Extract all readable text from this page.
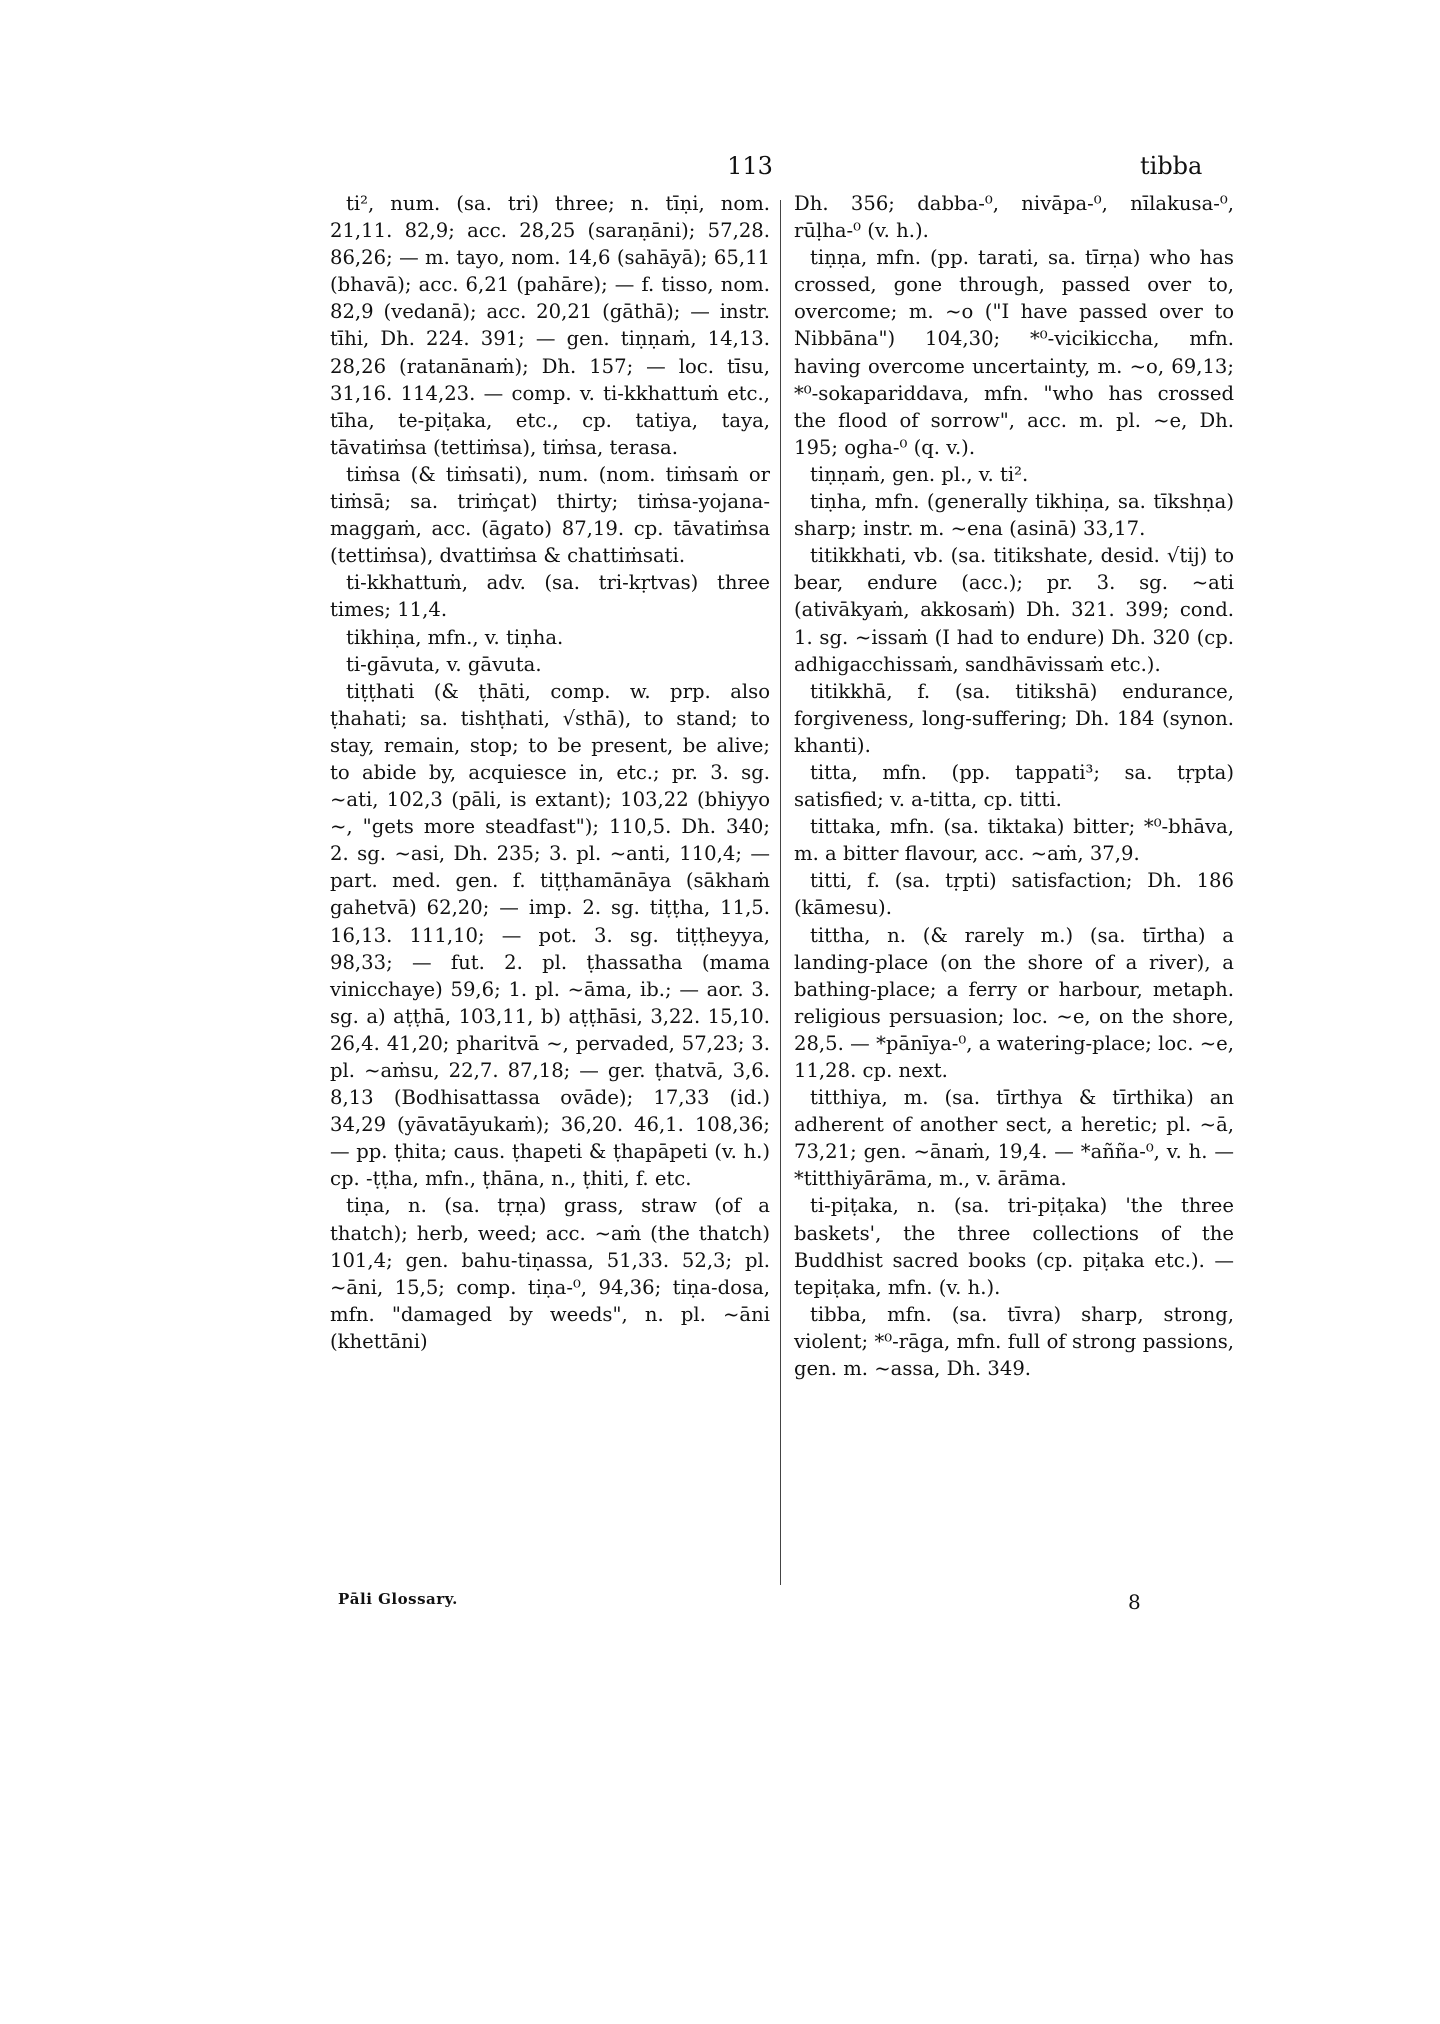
113	tibba

ti², num. (sa. tri) three; n. tīṇi, nom. 21,11. 82,9; acc. 28,25 (saraṇāni); 57,28. 86,26; — m. tayo, nom. 14,6 (sahāyā); 65,11 (bhavā); acc. 6,21 (pahāre); — f. tisso, nom. 82,9 (vedanā); acc. 20,21 (gāthā); — instr. tīhi, Dh. 224. 391; — gen. tiṇṇaṁ, 14,13. 28,26 (ratanānaṁ); Dh. 157; — loc. tīsu, 31,16. 114,23. — comp. v. ti-kkhattuṁ etc., tīha, te-piṭaka, etc., cp. tatiya, taya, tāvatiṁsa (tettiṁsa), tiṁsa, terasa.

tiṁsa (& tiṁsati), num. (nom. tiṁsaṁ or tiṁsā; sa. triṁçat) thirty; tiṁsa-yojana-maggaṁ, acc. (āgato) 87,19. cp. tāvatiṁsa (tettiṁsa), dvattiṁsa & chattiṁsati.

ti-kkhattuṁ, adv. (sa. tri-kṛtvas) three times; 11,4.

tikhiṇa, mfn., v. tiṇha.

ti-gāvuta, v. gāvuta.

tiṭṭhati (& ṭhāti, comp. w. prp. also ṭhahati; sa. tishṭhati, √sthā), to stand; to stay, remain, stop; to be present, be alive; to abide by, acquiesce in, etc.; pr. 3. sg. ~ati, 102,3 (pāli, is extant); 103,22 (bhiyyo ~, "gets more steadfast"); 110,5. Dh. 340; 2. sg. ~asi, Dh. 235; 3. pl. ~anti, 110,4; — part. med. gen. f. tiṭṭhamānāya (sākhaṁ gahetvā) 62,20; — imp. 2. sg. tiṭṭha, 11,5. 16,13. 111,10; — pot. 3. sg. tiṭṭheyya, 98,33; — fut. 2. pl. ṭhassatha (mama vinicchaye) 59,6; 1. pl. ~āma, ib.; — aor. 3. sg. a) aṭṭhā, 103,11, b) aṭṭhāsi, 3,22. 15,10. 26,4. 41,20; pharitvā ~, pervaded, 57,23; 3. pl. ~aṁsu, 22,7. 87,18; — ger. ṭhatvā, 3,6. 8,13 (Bodhisattassa ovāde); 17,33 (id.) 34,29 (yāvatāyukaṁ); 36,20. 46,1. 108,36; — pp. ṭhita; caus. ṭhapeti & ṭhapāpeti (v. h.) cp. -ṭṭha, mfn., ṭhāna, n., ṭhiti, f. etc.

tiṇa, n. (sa. tṛṇa) grass, straw (of a thatch); herb, weed; acc. ~aṁ (the thatch) 101,4; gen. bahu-tiṇassa, 51,33. 52,3; pl. ~āni, 15,5; comp. tiṇa-⁰, 94,36; tiṇa-dosa, mfn. "damaged by weeds", n. pl. ~āni (khettāni)

Dh. 356; dabba-⁰, nivāpa-⁰, nīlakusa-⁰, rūḷha-⁰ (v. h.).

tiṇṇa, mfn. (pp. tarati, sa. tīrṇa) who has crossed, gone through, passed over to, overcome; m. ~o ("I have passed over to Nibbāna") 104,30; *⁰-vicikiccha, mfn. having overcome uncertainty, m. ~o, 69,13; *⁰-sokapariddava, mfn. "who has crossed the flood of sorrow", acc. m. pl. ~e, Dh. 195; ogha-⁰ (q. v.).

tiṇṇaṁ, gen. pl., v. ti².

tiṇha, mfn. (generally tikhiṇa, sa. tīkshṇa) sharp; instr. m. ~ena (asinā) 33,17.

titikkhati, vb. (sa. titikshate, desid. √tij) to bear, endure (acc.); pr. 3. sg. ~ati (ativākyaṁ, akkosaṁ) Dh. 321. 399; cond. 1. sg. ~issaṁ (I had to endure) Dh. 320 (cp. adhigacchissaṁ, sandhāvissaṁ etc.).

titikkhā, f. (sa. titikshā) endurance, forgiveness, long-suffering; Dh. 184 (synon. khanti).

titta, mfn. (pp. tappati³; sa. tṛpta) satisfied; v. a-titta, cp. titti.

tittaka, mfn. (sa. tiktaka) bitter; *⁰-bhāva, m. a bitter flavour, acc. ~aṁ, 37,9.

titti, f. (sa. tṛpti) satisfaction; Dh. 186 (kāmesu).

tittha, n. (& rarely m.) (sa. tīrtha) a landing-place (on the shore of a river), a bathing-place; a ferry or harbour, metaph. religious persuasion; loc. ~e, on the shore, 28,5. — *pānīya-⁰, a watering-place; loc. ~e, 11,28. cp. next.

titthiya, m. (sa. tīrthya & tīrthika) an adherent of another sect, a heretic; pl. ~ā, 73,21; gen. ~ānaṁ, 19,4. — *añña-⁰, v. h. — *titthiyārāma, m., v. ārāma.

ti-piṭaka, n. (sa. tri-piṭaka) 'the three baskets', the three collections of the Buddhist sacred books (cp. piṭaka etc.). — tepiṭaka, mfn. (v. h.).

tibba, mfn. (sa. tīvra) sharp, strong, violent; *⁰-rāga, mfn. full of strong passions, gen. m. ~assa, Dh. 349.

Pāli Glossary.	8
